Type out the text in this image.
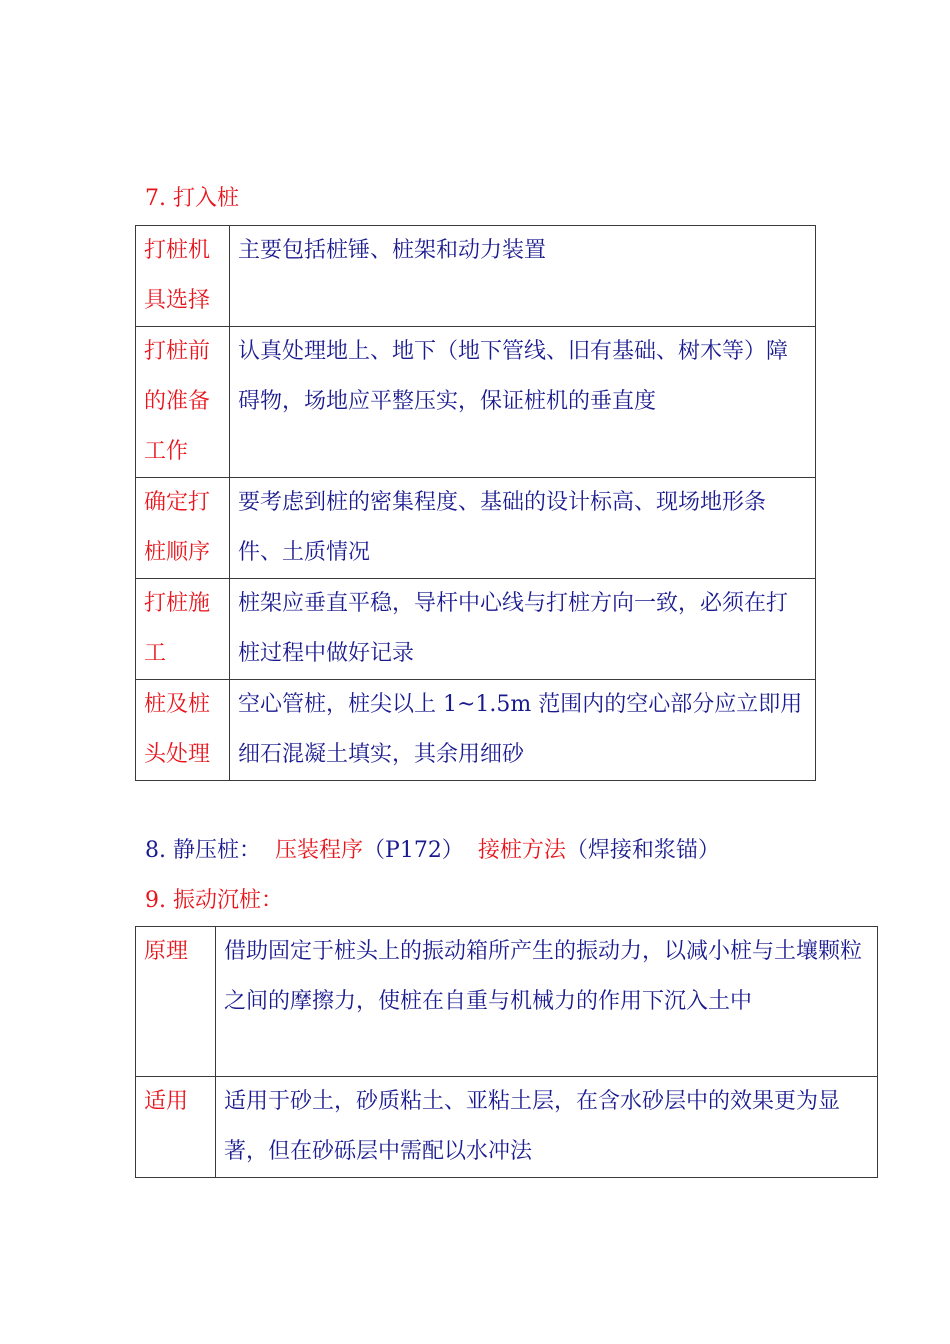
7. 打入桩
打桩机具选择	主要包括桩锤、桩架和动力装置
打桩前的准备工作	认真处理地上、地下（地下管线、旧有基础、树木等）障碍物，场地应平整压实，保证桩机的垂直度
确定打桩顺序	要考虑到桩的密集程度、基础的设计标高、现场地形条件、土质情况
打桩施工	桩架应垂直平稳，导杆中心线与打桩方向一致，必须在打桩过程中做好记录
桩及桩头处理	空心管桩，桩尖以上 1~1.5m 范围内的空心部分应立即用细石混凝土填实，其余用细砂
8. 静压桩： 压装程序（P172） 接桩方法（焊接和浆锚）
9. 振动沉桩：
原理	借助固定于桩头上的振动箱所产生的振动力，以减小桩与土壤颗粒之间的摩擦力，使桩在自重与机械力的作用下沉入土中
适用	适用于砂土，砂质粘土、亚粘土层，在含水砂层中的效果更为显著，但在砂砾层中需配以水冲法
